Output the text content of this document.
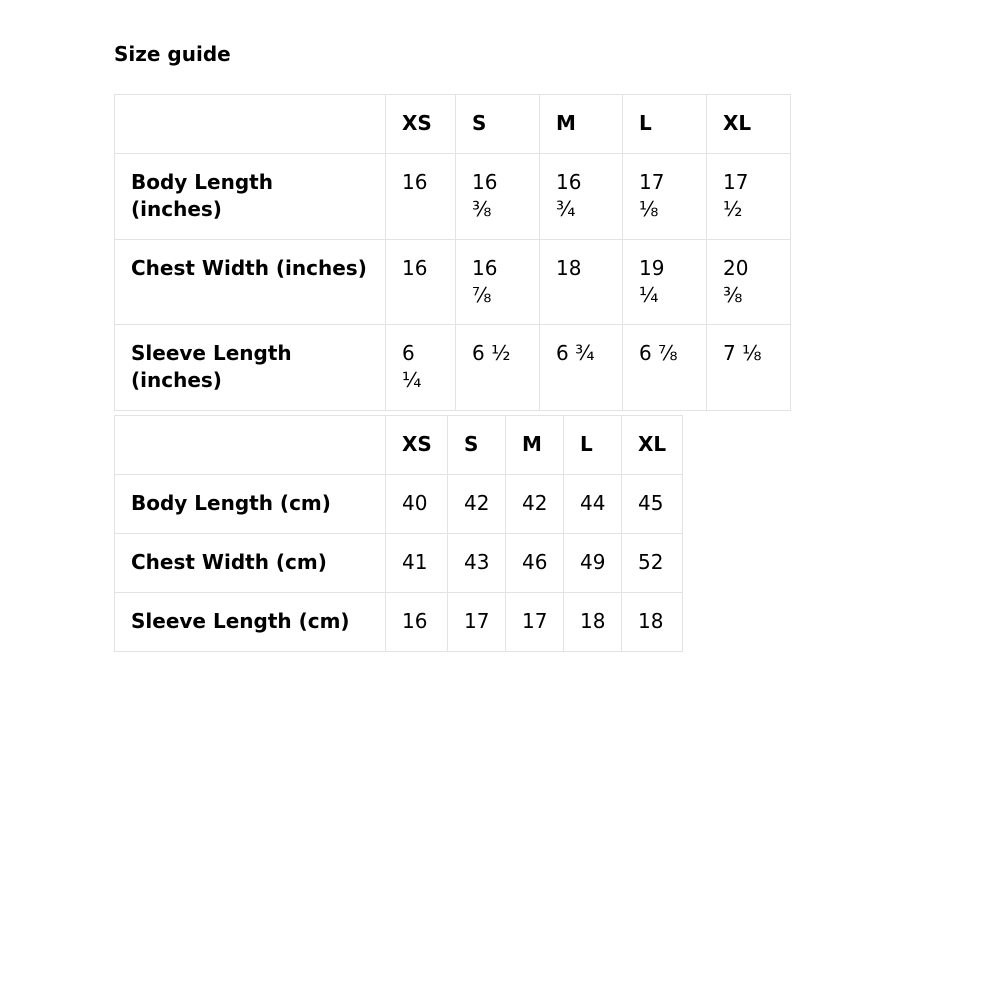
Size guide
	XS	S	M	L	XL
Body Length (inches)	16	16 ⅜	16 ¾	17 ⅛	17 ½
Chest Width (inches)	16	16 ⅞	18	19 ¼	20 ⅜
Sleeve Length (inches)	6 ¼	6 ½	6 ¾	6 ⅞	7 ⅛
	XS	S	M	L	XL
Body Length (cm)	40	42	42	44	45
Chest Width (cm)	41	43	46	49	52
Sleeve Length (cm)	16	17	17	18	18
